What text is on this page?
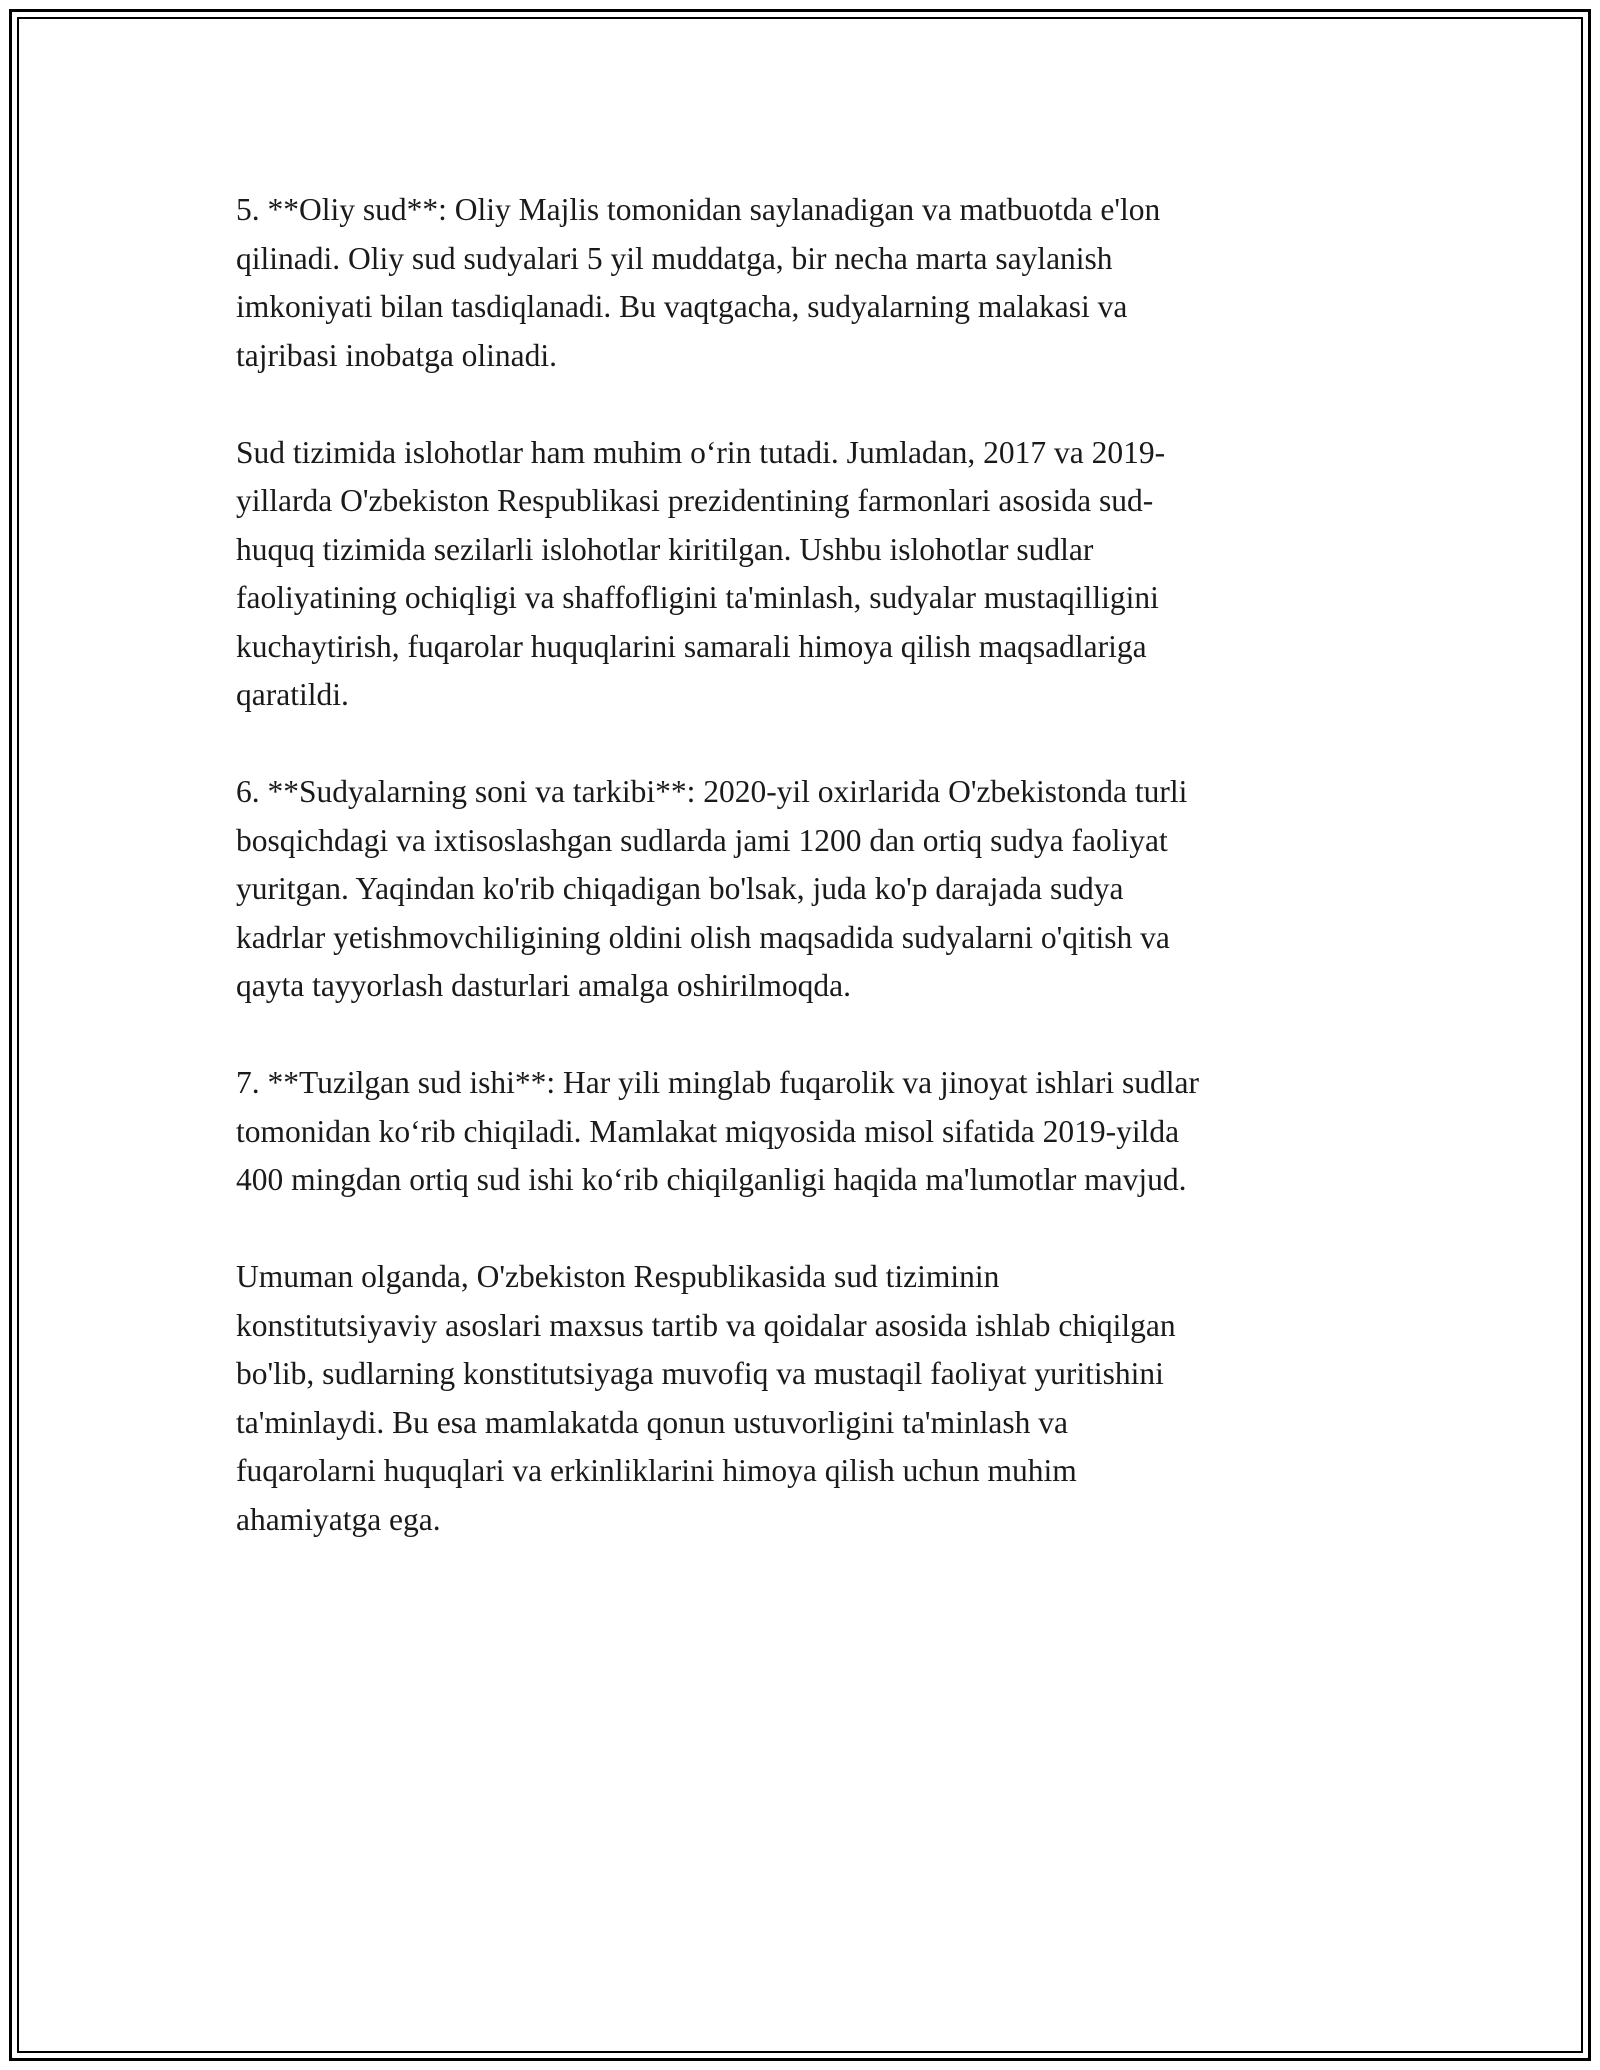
5. **Oliy sud**: Oliy Majlis tomonidan saylanadigan va matbuotda e'lon
qilinadi. Oliy sud sudyalari 5 yil muddatga, bir necha marta saylanish
imkoniyati bilan tasdiqlanadi. Bu vaqtgacha, sudyalarning malakasi va
tajribasi inobatga olinadi.

Sud tizimida islohotlar ham muhim o‘rin tutadi. Jumladan, 2017 va 2019-
yillarda O'zbekiston Respublikasi prezidentining farmonlari asosida sud-
huquq tizimida sezilarli islohotlar kiritilgan. Ushbu islohotlar sudlar
faoliyatining ochiqligi va shaffofligini ta'minlash, sudyalar mustaqilligini
kuchaytirish, fuqarolar huquqlarini samarali himoya qilish maqsadlariga
qaratildi.

6. **Sudyalarning soni va tarkibi**: 2020-yil oxirlarida O'zbekistonda turli
bosqichdagi va ixtisoslashgan sudlarda jami 1200 dan ortiq sudya faoliyat
yuritgan. Yaqindan ko'rib chiqadigan bo'lsak, juda ko'p darajada sudya
kadrlar yetishmovchiligining oldini olish maqsadida sudyalarni o'qitish va
qayta tayyorlash dasturlari amalga oshirilmoqda.

7. **Tuzilgan sud ishi**: Har yili minglab fuqarolik va jinoyat ishlari sudlar
tomonidan ko‘rib chiqiladi. Mamlakat miqyosida misol sifatida 2019-yilda
400 mingdan ortiq sud ishi ko‘rib chiqilganligi haqida ma'lumotlar mavjud.

Umuman olganda, O'zbekiston Respublikasida sud tiziminin
konstitutsiyaviy asoslari maxsus tartib va qoidalar asosida ishlab chiqilgan
bo'lib, sudlarning konstitutsiyaga muvofiq va mustaqil faoliyat yuritishini
ta'minlaydi. Bu esa mamlakatda qonun ustuvorligini ta'minlash va
fuqarolarni huquqlari va erkinliklarini himoya qilish uchun muhim
ahamiyatga ega.
